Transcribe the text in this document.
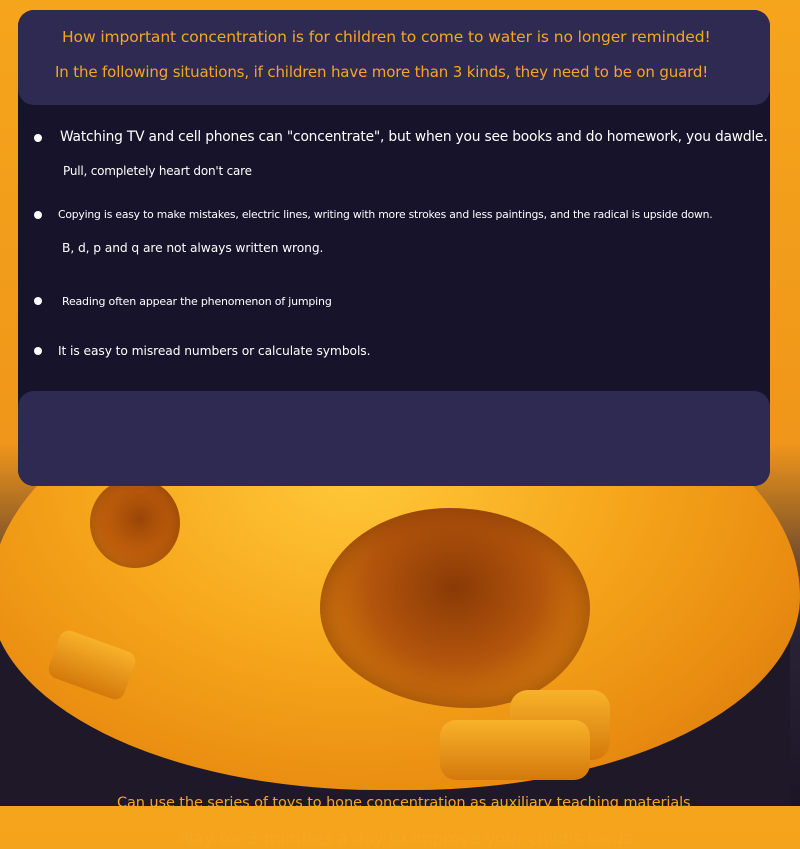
How important concentration is for children to come to water is no longer reminded!
In the following situations, if children have more than 3 kinds, they need to be on guard!
Watching TV and cell phones can "concentrate", but when you see books and do homework, you dawdle.
Pull, completely heart don't care
Copying is easy to make mistakes, electric lines, writing with more strokes and less paintings, and the radical is upside down.
B, d, p and q are not always written wrong.
Reading often appear the phenomenon of jumping
It is easy to misread numbers or calculate symbols.
Can use the series of toys to hone concentration as auxiliary teaching materials
Play for 5 minutes a day to improve your child's focus.
